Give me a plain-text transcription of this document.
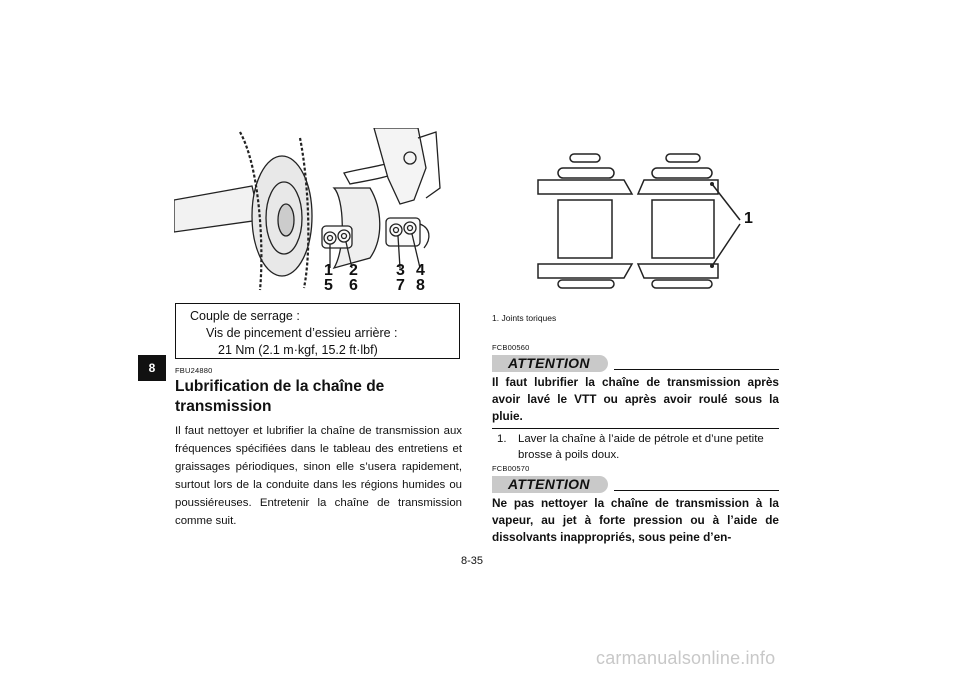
8
1 2 3 4
5 6 7 8
Couple de serrage :
Vis de pincement d’essieu arrière :
21 Nm (2.1 m·kgf, 15.2 ft·lbf)
FBU24880
Lubrification de la chaîne de transmission
Il faut nettoyer et lubrifier la chaîne de transmission aux fréquences spécifiées dans le tableau des entretiens et graissages périodiques, sinon elle s’usera rapidement, surtout lors de la conduite dans les régions humides ou poussiéreuses. Entretenir la chaîne de transmission comme suit.
1
1. Joints toriques
FCB00560
ATTENTION
Il faut lubrifier la chaîne de transmission après avoir lavé le VTT ou après avoir roulé sous la pluie.
1.	Laver la chaîne à l’aide de pétrole et d’une petite brosse à poils doux.
FCB00570
ATTENTION
Ne pas nettoyer la chaîne de transmission à la vapeur, au jet à forte pression ou à l’aide de dissolvants inappropriés, sous peine d’en-
8-35
carmanualsonline.info
